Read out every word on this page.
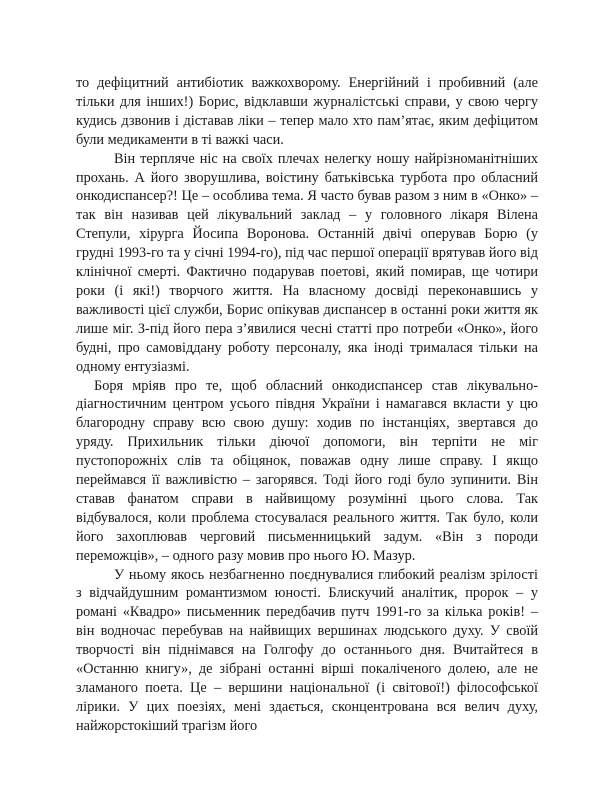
то дефіцитний антибіотик важкохворому. Енергійний і пробивний (але тільки для інших!) Борис, відклавши журналістські справи, у свою чергу кудись дзвонив і діставав ліки – тепер мало хто пам’ятає, яким дефіцитом були медикаменти в ті важкі часи.

Він терпляче ніс на своїх плечах нелегку ношу найрізноманітніших прохань. А його зворушлива, воістину батьківська турбота про обласний онкодиспансер?! Це – особлива тема. Я часто бував разом з ним в «Онко» –так він називав цей лікувальний заклад – у головного лікаря Вілена Степули, хірурга Йосипа Воронова. Останній двічі оперував Борю (у грудні 1993-го та у січні 1994-го), під час першої операції врятував його від клінічної смерті. Фактично подарував поетові, який помирав, ще чотири роки (і які!) творчого життя. На власному досвіді переконавшись у важливості цієї служби, Борис опікував диспансер в останні роки життя як лише міг. З-під його пера з’явилися чесні статті про потреби «Онко», його будні, про самовіддану роботу персоналу, яка іноді трималася тільки на одному ентузіазмі.

Боря мріяв про те, щоб обласний онкодиспансер став лікувально-діагностичним центром усього півдня України і намагався вкласти у цю благородну справу всю свою душу: ходив по інстанціях, звертався до уряду. Прихильник тільки діючої допомоги, він терпіти не міг пустопорожніх слів та обіцянок, поважав одну лише справу. І якщо переймався її важливістю – загорявся. Тоді його годі було зупинити. Він ставав фанатом справи в найвищому розумінні цього слова. Так відбувалося, коли проблема стосувалася реального життя. Так було, коли його захоплював черговий письменницький задум. «Він з породи переможців», – одного разу мовив про нього Ю. Мазур.

У ньому якось незбагненно поєднувалися глибокий реалізм зрілості з відчайдушним романтизмом юності. Блискучий аналітик, пророк – у романі «Квадро» письменник передбачив путч 1991-го за кілька років! – він водночас перебував на найвищих вершинах людського духу. У своїй творчості він піднімався на Голгофу до останнього дня. Вчитайтеся в «Останню книгу», де зібрані останні вірші покаліченого долею, але не зламаного поета. Це – вершини національної (і світової!) філософської лірики. У цих поезіях, мені здається, сконцентрована вся велич духу, найжорстокіший трагізм його
